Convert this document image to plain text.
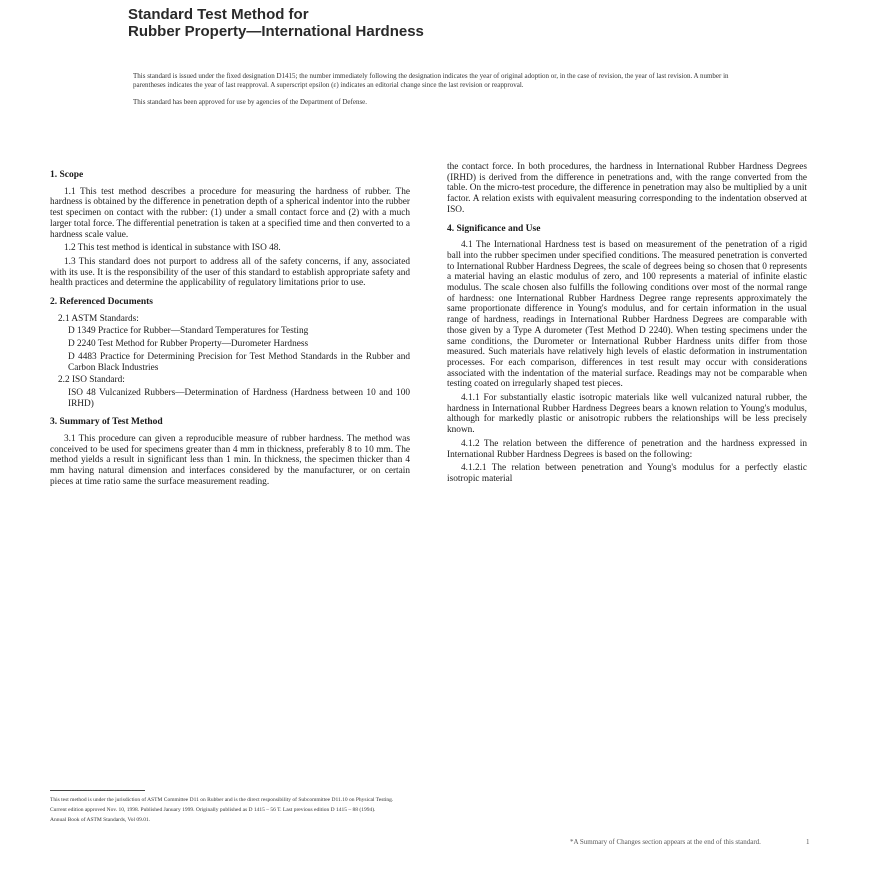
Standard Test Method for
Rubber Property—International Hardness

This standard is issued under the fixed designation D1415; the number immediately following the designation indicates the year of original adoption or, in the case of revision, the year of last revision. A number in parentheses indicates the year of last reapproval. A superscript epsilon (ε) indicates an editorial change since the last revision or reapproval.

This standard has been approved for use by agencies of the Department of Defense.

1. Scope

1.1 This test method describes a procedure for measuring the hardness of rubber. The hardness is obtained by the difference in penetration depth of a spherical indentor into the rubber test specimen on contact with the rubber: (1) under a small contact force and (2) with a much larger total force. The differential penetration is taken at a specified time and then converted to a hardness scale value.

1.2 This test method is identical in substance with ISO 48.

1.3 This standard does not purport to address all of the safety concerns, if any, associated with its use. It is the responsibility of the user of this standard to establish appropriate safety and health practices and determine the applicability of regulatory limitations prior to use.

2. Referenced Documents

2.1 ASTM Standards:

D 1349 Practice for Rubber—Standard Temperatures for Testing

D 2240 Test Method for Rubber Property—Durometer Hardness

D 4483 Practice for Determining Precision for Test Method Standards in the Rubber and Carbon Black Industries

2.2 ISO Standard:

ISO 48 Vulcanized Rubbers—Determination of Hardness (Hardness between 10 and 100 IRHD)

3. Summary of Test Method

3.1 This procedure can given a reproducible measure of rubber hardness. The method was conceived to be used for specimens greater than 4 mm in thickness, preferably 8 to 10 mm. The method yields a result in significant less than 1 min. In thickness, the specimen thicker than 4 mm having natural dimension and interfaces considered by the manufacturer, or on certain pieces at time ratio same the surface measurement reading.

the contact force. In both procedures, the hardness in International Rubber Hardness Degrees (IRHD) is derived from the difference in penetrations and, with the range converted from the table. On the micro-test procedure, the difference in penetration may also be multiplied by a unit factor. A relation exists with equivalent measuring corresponding to the indentation observed at ISO.

4. Significance and Use

4.1 The International Hardness test is based on measurement of the penetration of a rigid ball into the rubber specimen under specified conditions. The measured penetration is converted to International Rubber Hardness Degrees, the scale of degrees being so chosen that 0 represents a material having an elastic modulus of zero, and 100 represents a material of infinite elastic modulus. The scale chosen also fulfills the following conditions over most of the normal range of hardness: one International Rubber Hardness Degree range represents approximately the same proportionate difference in Young's modulus, and for certain information in the usual range of hardness, readings in International Rubber Hardness Degrees are comparable with those given by a Type A durometer (Test Method D 2240). When testing specimens under the same conditions, the Durometer or International Rubber Hardness units differ from those measured. Such materials have relatively high levels of elastic deformation in instrumentation processes. For each comparison, differences in test result may occur with considerations associated with the indentation of the material surface. Readings may not be comparable when testing coated on irregularly shaped test pieces.

4.1.1 For substantially elastic isotropic materials like well vulcanized natural rubber, the hardness in International Rubber Hardness Degrees bears a known relation to Young's modulus, although for markedly plastic or anisotropic rubbers the relationships will be less precisely known.

4.1.2 The relation between the difference of penetration and the hardness expressed in International Rubber Hardness Degrees is based on the following:

4.1.2.1 The relation between penetration and Young's modulus for a perfectly elastic isotropic material

This test method is under the jurisdiction of ASTM Committee D11 on Rubber and is the direct responsibility of Subcommittee D11.10 on Physical Testing.

Current edition approved Nov. 10, 1998. Published January 1999. Originally published as D 1415 – 56 T. Last previous edition D 1415 – 88 (1994).

Annual Book of ASTM Standards, Vol 09.01.

*A Summary of Changes section appears at the end of this standard.	1
